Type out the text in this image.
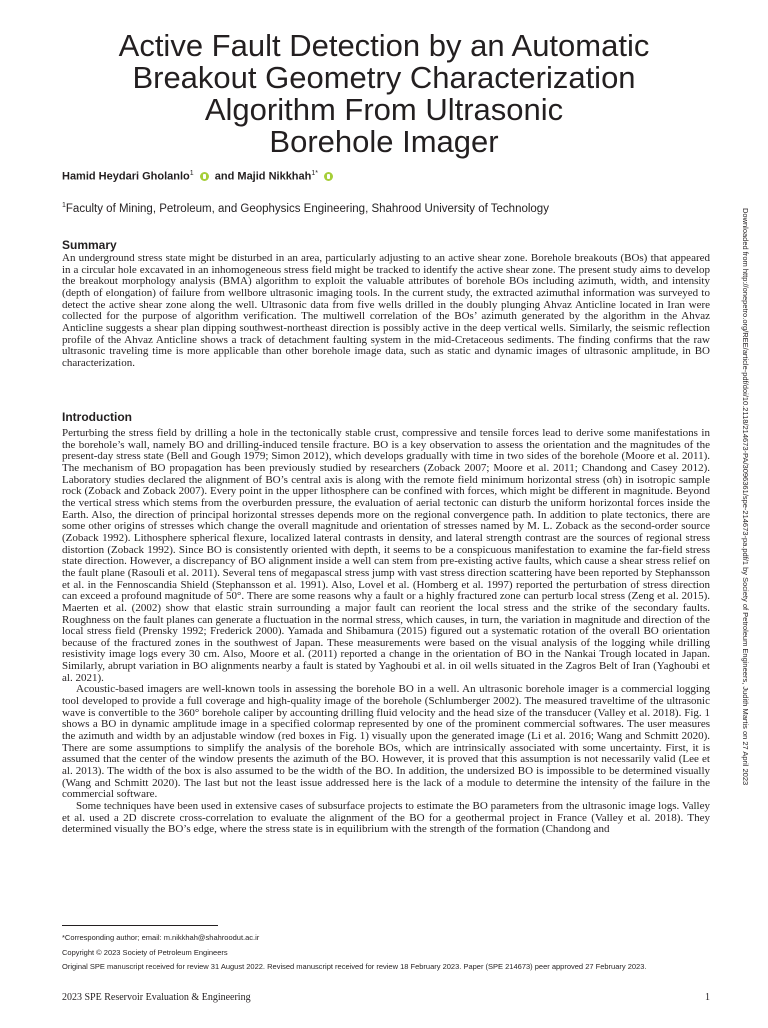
Active Fault Detection by an Automatic
Breakout Geometry Characterization
Algorithm From Ultrasonic
Borehole Imager
Hamid Heydari Gholanlo$^1$ and Majid Nikkhah$^{1*}$
$^1$Faculty of Mining, Petroleum, and Geophysics Engineering, Shahrood University of Technology	Downloaded from http://onepetro.org/REE/article-pdf/doi/10.2118/214673-PA/3096361/spe-214673-pa.pdf/1 by Society of Petroleum Engineers, Judith Martis on 27 April 2023
Summary

An underground stress state might be disturbed in an area, particularly adjusting to an active shear zone. Borehole breakouts (BOs) that appeared in a circular hole excavated in an inhomogeneous stress field might be tracked to identify the active shear zone. The present study aims to develop the breakout morphology analysis (BMA) algorithm to exploit the valuable attributes of borehole BOs including azimuth, width, and intensity (depth of elongation) of failure from wellbore ultrasonic imaging tools. In the current study, the extracted azimuthal information was surveyed to detect the active shear zone along the well. Ultrasonic data from five wells drilled in the doubly plunging Ahvaz Anticline located in Iran were collected for the purpose of algorithm verification. The multiwell correlation of the BOs’ azimuth generated by the algorithm in the Ahvaz Anticline suggests a shear plan dipping southwest-northeast direction is possibly active in the deep vertical wells. Similarly, the seismic reflection profile of the Ahvaz Anticline shows a track of detachment faulting system in the mid-Cretaceous sediments. The finding confirms that the raw ultrasonic traveling time is more applicable than other borehole image data, such as static and dynamic images of ultrasonic amplitude, in BO characterization.

Introduction

Perturbing the stress field by drilling a hole in the tectonically stable crust, compressive and tensile forces lead to derive some manifestations in the borehole’s wall, namely BO and drilling-induced tensile fracture. BO is a key observation to assess the orientation and the magnitudes of the present-day stress state (Bell and Gough 1979; Simon 2012), which develops gradually with time in two sides of the borehole (Moore et al. 2011). The mechanism of BO propagation has been previously studied by researchers (Zoback 2007; Moore et al. 2011; Chandong and Casey 2012). Laboratory studies declared the alignment of BO’s central axis is along with the remote field minimum horizontal stress (σh) in isotropic sample rock (Zoback and Zoback 2007). Every point in the upper lithosphere can be confined with forces, which might be different in magnitude. Beyond the vertical stress which stems from the overburden pressure, the evaluation of aerial tectonic can disturb the uniform horizontal forces inside the Earth. Also, the direction of principal horizontal stresses depends more on the regional convergence path. In addition to plate tectonics, there are some other origins of stresses which change the overall magnitude and orientation of stresses named by M. L. Zoback as the second-order source (Zoback 1992). Lithosphere spherical flexure, localized lateral contrasts in density, and lateral strength contrast are the sources of regional stress distortion (Zoback 1992). Since BO is consistently oriented with depth, it seems to be a conspicuous manifestation to examine the far-field stress state direction. However, a discrepancy of BO alignment inside a well can stem from pre-existing active faults, which cause a shear stress relief on the fault plane (Rasouli et al. 2011). Several tens of megapascal stress jump with vast stress direction scattering have been reported by Stephansson et al. in the Fennoscandia Shield (Stephansson et al. 1991). Also, Lovel et al. (Homberg et al. 1997) reported the perturbation of stress direction can exceed a profound magnitude of 50°. There are some reasons why a fault or a highly fractured zone can perturb local stress (Zeng et al. 2015). Maerten et al. (2002) show that elastic strain surrounding a major fault can reorient the local stress and the strike of the secondary faults. Roughness on the fault planes can generate a fluctuation in the normal stress, which causes, in turn, the variation in magnitude and direction of the local stress field (Prensky 1992; Frederick 2000). Yamada and Shibamura (2015) figured out a systematic rotation of the overall BO orientation because of the fractured zones in the southwest of Japan. These measurements were based on the visual analysis of the logging while drilling resistivity image logs every 30 cm. Also, Moore et al. (2011) reported a change in the orientation of BO in the Nankai Trough located in Japan. Similarly, abrupt variation in BO alignments nearby a fault is stated by Yaghoubi et al. in oil wells situated in the Zagros Belt of Iran (Yaghoubi et al. 2021).

Acoustic-based imagers are well-known tools in assessing the borehole BO in a well. An ultrasonic borehole imager is a commercial logging tool developed to provide a full coverage and high-quality image of the borehole (Schlumberger 2002). The measured traveltime of the ultrasonic wave is convertible to the 360° borehole caliper by accounting drilling fluid velocity and the head size of the transducer (Valley et al. 2018). Fig. 1 shows a BO in dynamic amplitude image in a specified colormap represented by one of the prominent commercial softwares. The user measures the azimuth and width by an adjustable window (red boxes in Fig. 1) visually upon the generated image (Li et al. 2016; Wang and Schmitt 2020). There are some assumptions to simplify the analysis of the borehole BOs, which are intrinsically associated with some uncertainty. First, it is assumed that the center of the window presents the azimuth of the BO. However, it is proved that this assumption is not necessarily valid (Lee et al. 2013). The width of the box is also assumed to be the width of the BO. In addition, the undersized BO is impossible to be determined visually (Wang and Schmitt 2020). The last but not the least issue addressed here is the lack of a module to determine the intensity of the failure in the commercial software.

Some techniques have been used in extensive cases of subsurface projects to estimate the BO parameters from the ultrasonic image logs. Valley et al. used a 2D discrete cross-correlation to evaluate the alignment of the BO for a geothermal project in France (Valley et al. 2018). They determined visually the BO’s edge, where the stress state is in equilibrium with the strength of the formation (Chandong and

*Corresponding author; email: m.nikkhah@shahroodut.ac.ir
Copyright © 2023 Society of Petroleum Engineers
Original SPE manuscript received for review 31 August 2022. Revised manuscript received for review 18 February 2023. Paper (SPE 214673) peer approved 27 February 2023.
2023 SPE Reservoir Evaluation & Engineering	1
